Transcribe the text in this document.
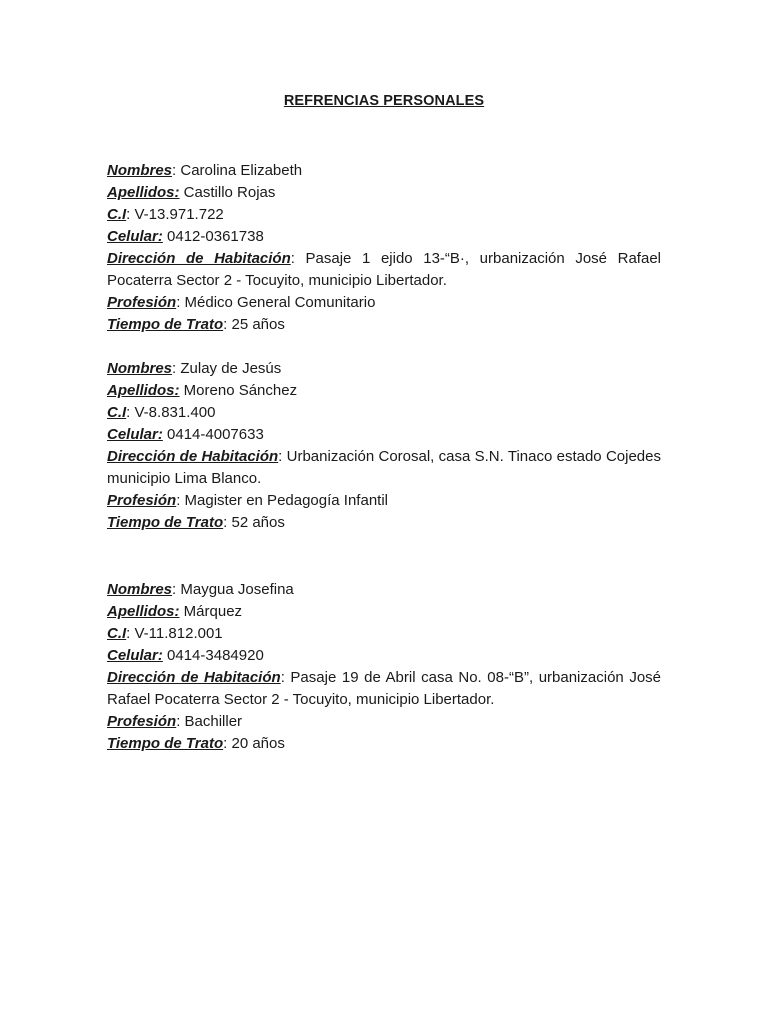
REFRENCIAS PERSONALES

Nombres: Carolina Elizabeth

Apellidos: Castillo Rojas

C.I: V-13.971.722

Celular: 0412-0361738

Dirección de Habitación: Pasaje 1 ejido 13-“B·, urbanización José Rafael Pocaterra Sector 2 - Tocuyito, municipio Libertador.

Profesión: Médico General Comunitario

Tiempo de Trato: 25 años

Nombres: Zulay de Jesús

Apellidos: Moreno Sánchez

C.I: V-8.831.400

Celular: 0414-4007633

Dirección de Habitación: Urbanización Corosal, casa S.N. Tinaco estado Cojedes municipio Lima Blanco.

Profesión: Magister en Pedagogía Infantil

Tiempo de Trato: 52 años

Nombres: Maygua Josefina

Apellidos: Márquez

C.I: V-11.812.001

Celular: 0414-3484920

Dirección de Habitación: Pasaje 19 de Abril casa No. 08-“B”, urbanización José Rafael Pocaterra Sector 2 - Tocuyito, municipio Libertador.

Profesión: Bachiller

Tiempo de Trato: 20 años
